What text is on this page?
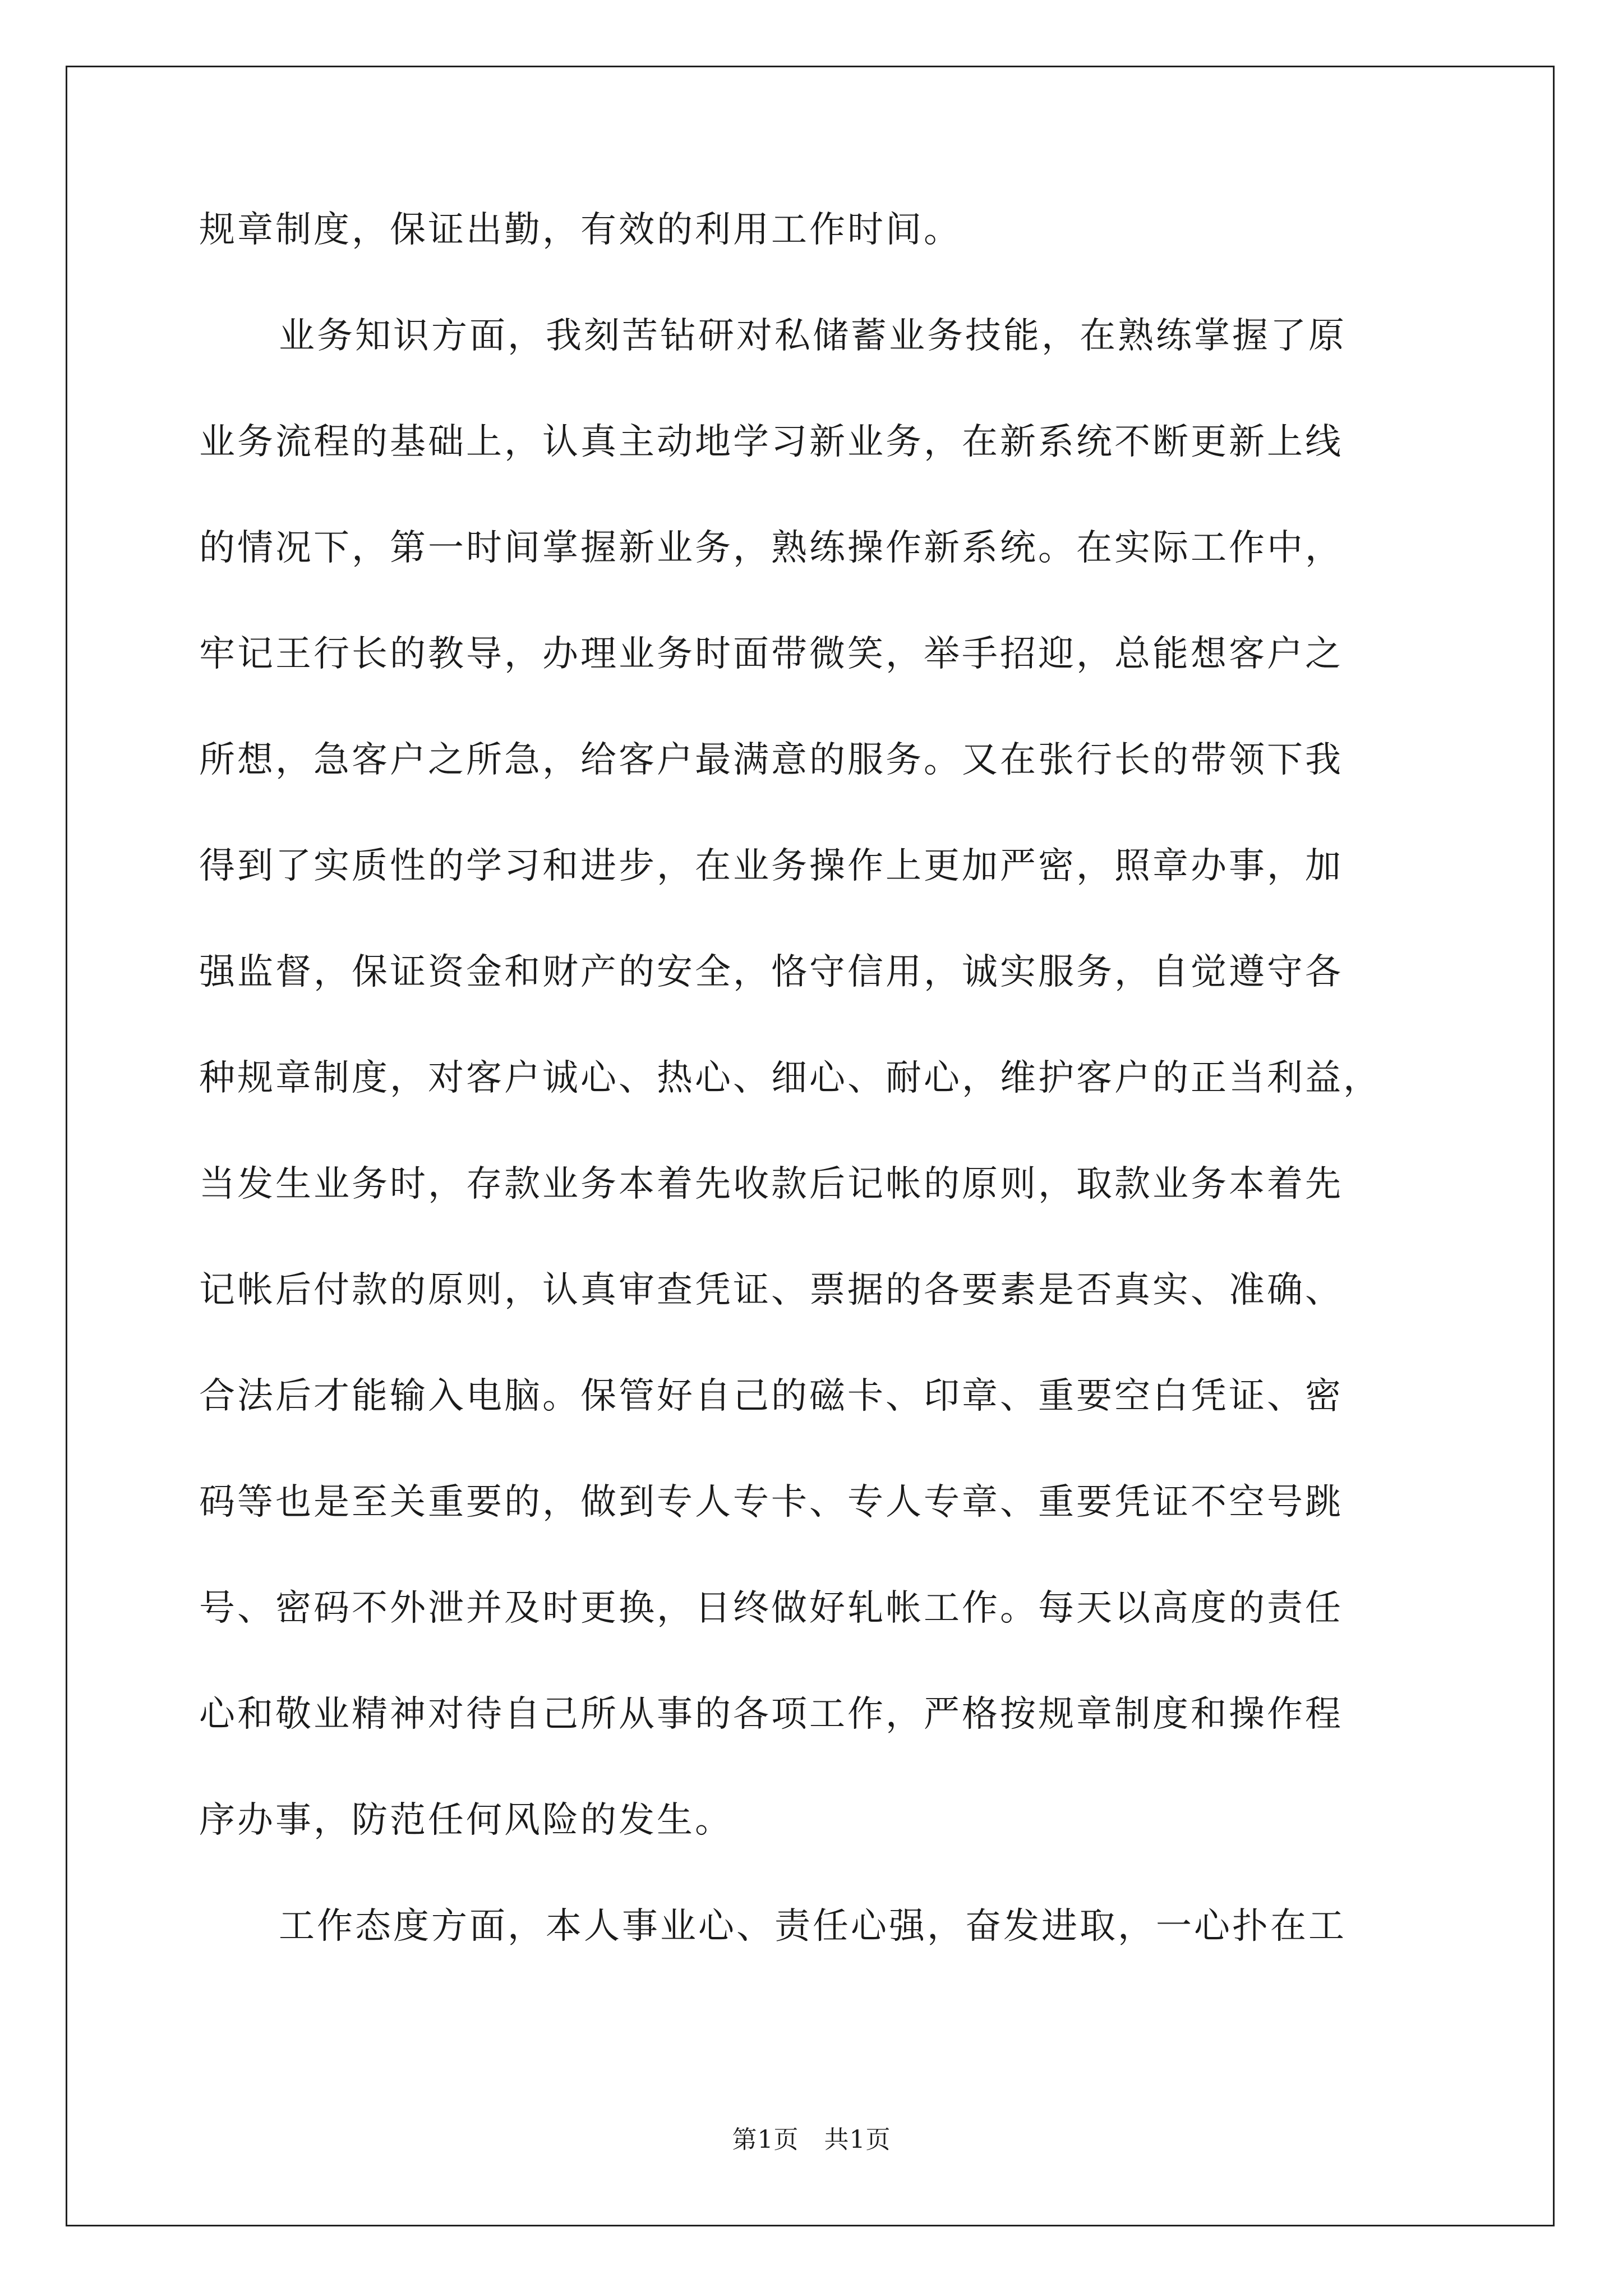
规章制度，保证出勤，有效的利用工作时间。
业务知识方面，我刻苦钻研对私储蓄业务技能，在熟练掌握了原
业务流程的基础上，认真主动地学习新业务，在新系统不断更新上线
的情况下，第一时间掌握新业务，熟练操作新系统。在实际工作中，
牢记王行长的教导，办理业务时面带微笑，举手招迎，总能想客户之
所想，急客户之所急，给客户最满意的服务。又在张行长的带领下我
得到了实质性的学习和进步，在业务操作上更加严密，照章办事，加
强监督，保证资金和财产的安全，恪守信用，诚实服务，自觉遵守各
种规章制度，对客户诚心、热心、细心、耐心，维护客户的正当利益，
当发生业务时，存款业务本着先收款后记帐的原则，取款业务本着先
记帐后付款的原则，认真审查凭证、票据的各要素是否真实、准确、
合法后才能输入电脑。保管好自己的磁卡、印章、重要空白凭证、密
码等也是至关重要的，做到专人专卡、专人专章、重要凭证不空号跳
号、密码不外泄并及时更换，日终做好轧帐工作。每天以高度的责任
心和敬业精神对待自己所从事的各项工作，严格按规章制度和操作程
序办事，防范任何风险的发生。
工作态度方面，本人事业心、责任心强，奋发进取，一心扑在工
第1页　共1页
